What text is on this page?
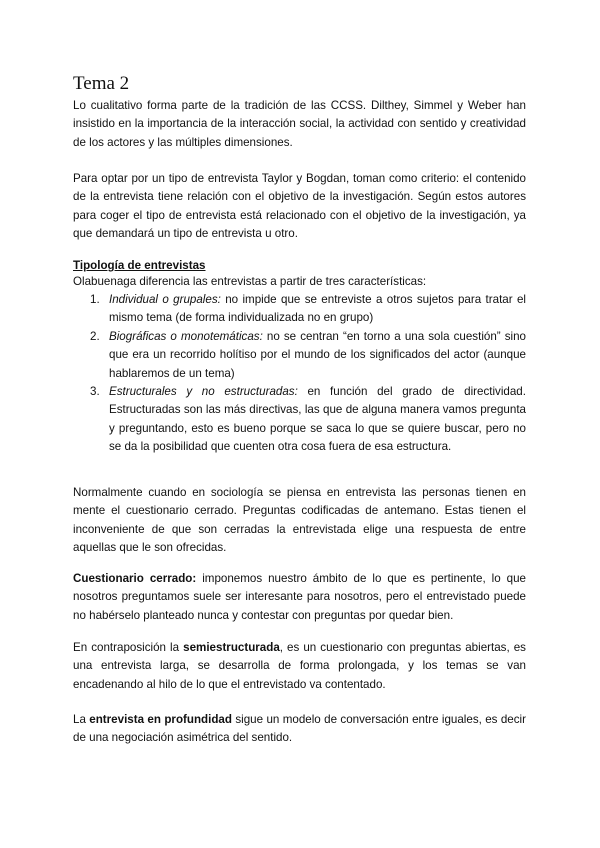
Tema 2

Lo cualitativo forma parte de la tradición de las CCSS. Dilthey, Simmel y Weber han insistido en la importancia de la interacción social, la actividad con sentido y creatividad de los actores y las múltiples dimensiones.

Para optar por un tipo de entrevista Taylor y Bogdan, toman como criterio: el contenido de la entrevista tiene relación con el objetivo de la investigación. Según estos autores para coger el tipo de entrevista está relacionado con el objetivo de la investigación, ya que demandará un tipo de entrevista u otro.

Tipología de entrevistas

Olabuenaga diferencia las entrevistas a partir de tres características:

1. Individual o grupales: no impide que se entreviste a otros sujetos para tratar el mismo tema (de forma individualizada no en grupo)
2. Biográficas o monotemáticas: no se centran “en torno a una sola cuestión” sino que era un recorrido holítiso por el mundo de los significados del actor (aunque hablaremos de un tema)
3. Estructurales y no estructuradas: en función del grado de directividad. Estructuradas son las más directivas, las que de alguna manera vamos pregunta y preguntando, esto es bueno porque se saca lo que se quiere buscar, pero no se da la posibilidad que cuenten otra cosa fuera de esa estructura.

Normalmente cuando en sociología se piensa en entrevista las personas tienen en mente el cuestionario cerrado. Preguntas codificadas de antemano. Estas tienen el inconveniente de que son cerradas la entrevistada elige una respuesta de entre aquellas que le son ofrecidas.

Cuestionario cerrado: imponemos nuestro ámbito de lo que es pertinente, lo que nosotros preguntamos suele ser interesante para nosotros, pero el entrevistado puede no habérselo planteado nunca y contestar con preguntas por quedar bien.

En contraposición la semiestructurada, es un cuestionario con preguntas abiertas, es una entrevista larga, se desarrolla de forma prolongada, y los temas se van encadenando al hilo de lo que el entrevistado va contentado.

La entrevista en profundidad sigue un modelo de conversación entre iguales, es decir de una negociación asimétrica del sentido.
